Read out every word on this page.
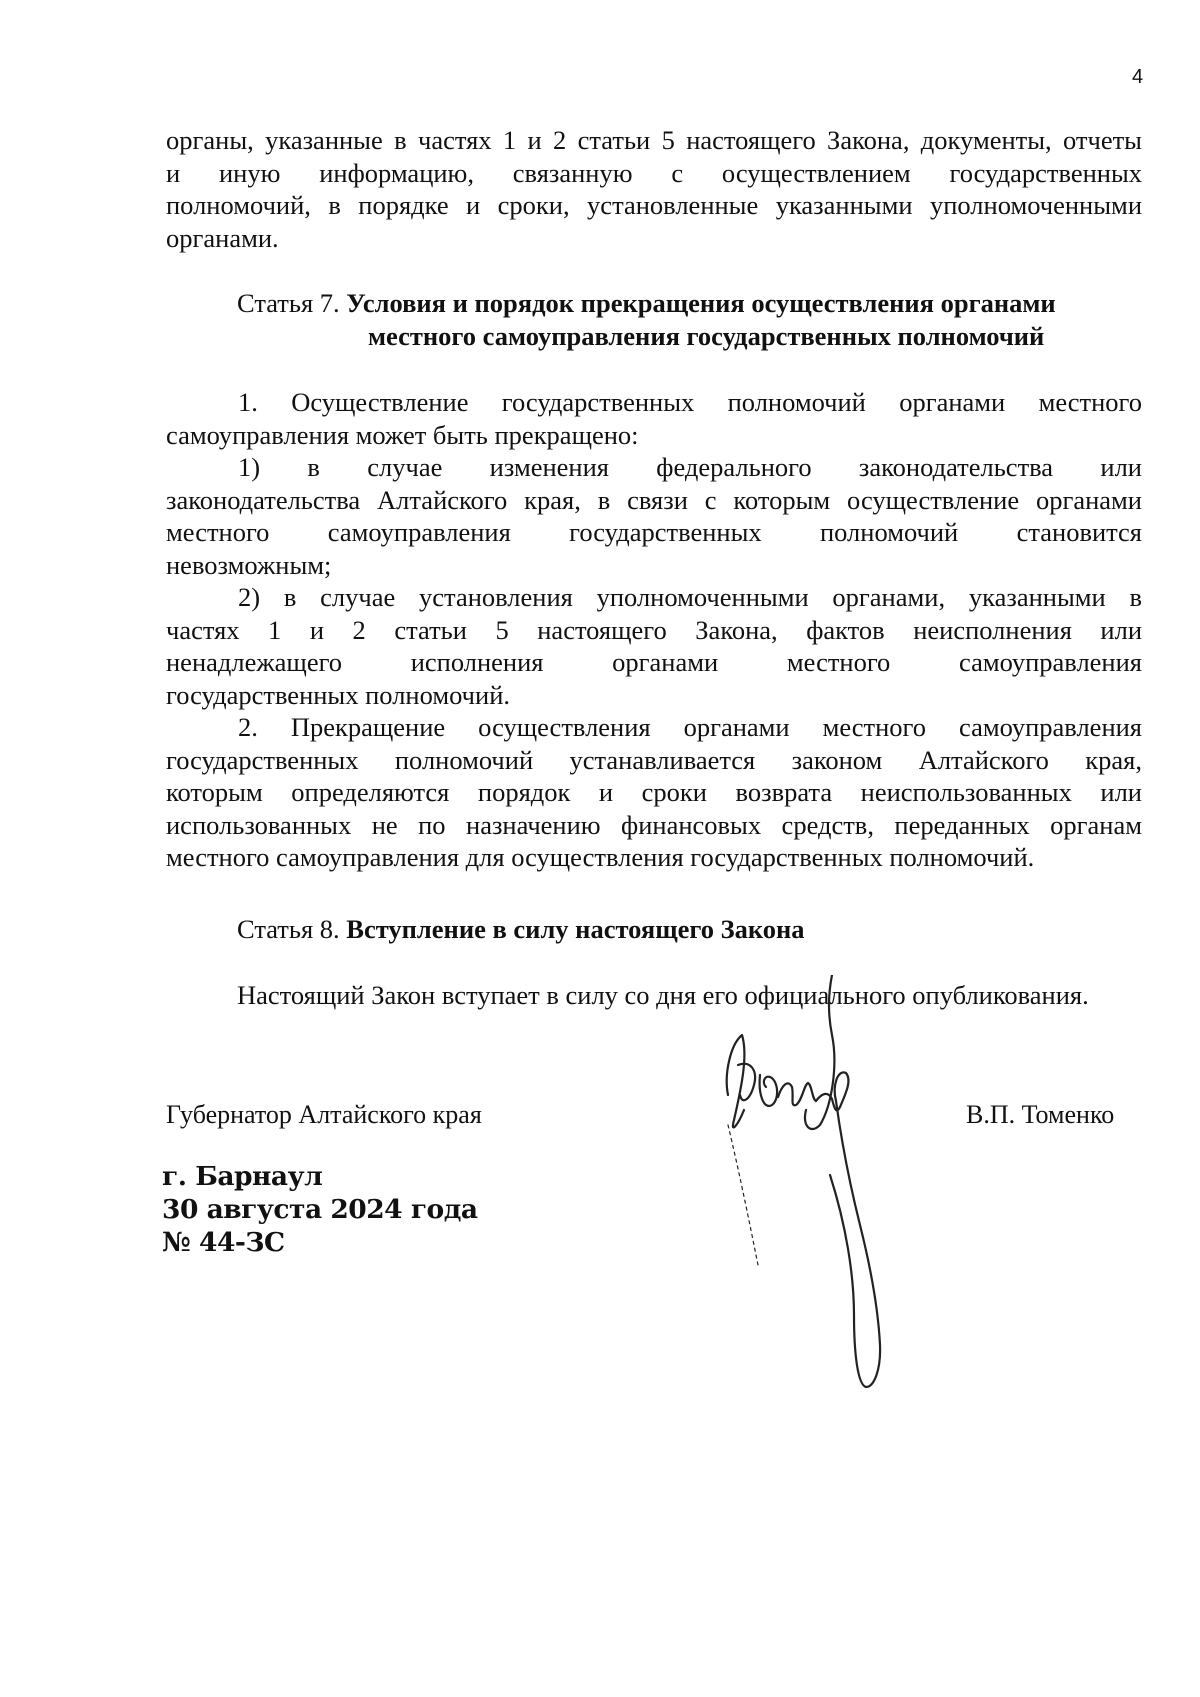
4
органы, указанные в частях 1 и 2 статьи 5 настоящего Закона, документы, отчеты
и иную информацию, связанную с осуществлением государственных
полномочий, в порядке и сроки, установленные указанными уполномоченными
органами.
Статья 7. Условия и порядок прекращения осуществления органами
местного самоуправления государственных полномочий
1. Осуществление государственных полномочий органами местного
самоуправления может быть прекращено:
1) в случае изменения федерального законодательства или
законодательства Алтайского края, в связи с которым осуществление органами
местного самоуправления государственных полномочий становится
невозможным;
2) в случае установления уполномоченными органами, указанными в
частях 1 и 2 статьи 5 настоящего Закона, фактов неисполнения или
ненадлежащего исполнения органами местного самоуправления
государственных полномочий.
2. Прекращение осуществления органами местного самоуправления
государственных полномочий устанавливается законом Алтайского края,
которым определяются порядок и сроки возврата неиспользованных или
использованных не по назначению финансовых средств, переданных органам
местного самоуправления для осуществления государственных полномочий.
Статья 8. Вступление в силу настоящего Закона
Настоящий Закон вступает в силу со дня его официального опубликования.
Губернатор Алтайского края	В.П. Томенко
г. Барнаул
30 августа 2024 года
№ 44-ЗС
